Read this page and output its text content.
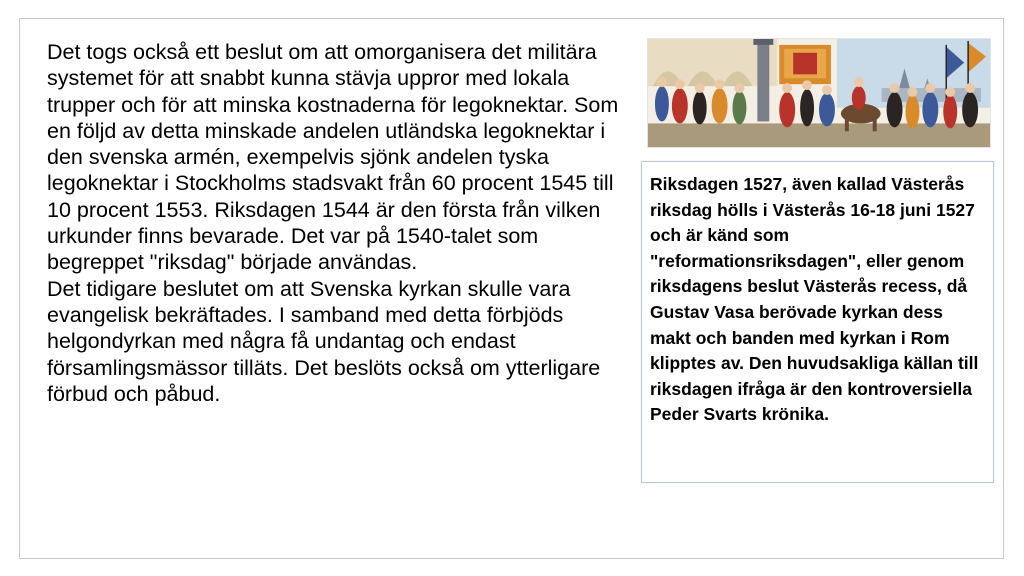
Det togs också ett beslut om att omorganisera det militära systemet för att snabbt kunna stävja uppror med lokala trupper och för att minska kostnaderna för legoknektar. Som en följd av detta minskade andelen utländska legoknektar i den svenska armén, exempelvis sjönk andelen tyska legoknektar i Stockholms stadsvakt från 60 procent 1545 till 10 procent 1553. Riksdagen 1544 är den första från vilken urkunder finns bevarade. Det var på 1540-talet som begreppet "riksdag" började användas.

Det tidigare beslutet om att Svenska kyrkan skulle vara evangelisk bekräftades. I samband med detta förbjöds helgondyrkan med några få undantag och endast församlingsmässor tilläts. Det beslöts också om ytterligare förbud och påbud.

Riksdagen 1527, även kallad Västerås riksdag hölls i Västerås 16-18 juni 1527 och är känd som "reformationsriksdagen", eller genom riksdagens beslut Västerås recess, då Gustav Vasa berövade kyrkan dess makt och banden med kyrkan i Rom klipptes av. Den huvudsakliga källan till riksdagen ifråga är den kontroversiella Peder Svarts krönika.
